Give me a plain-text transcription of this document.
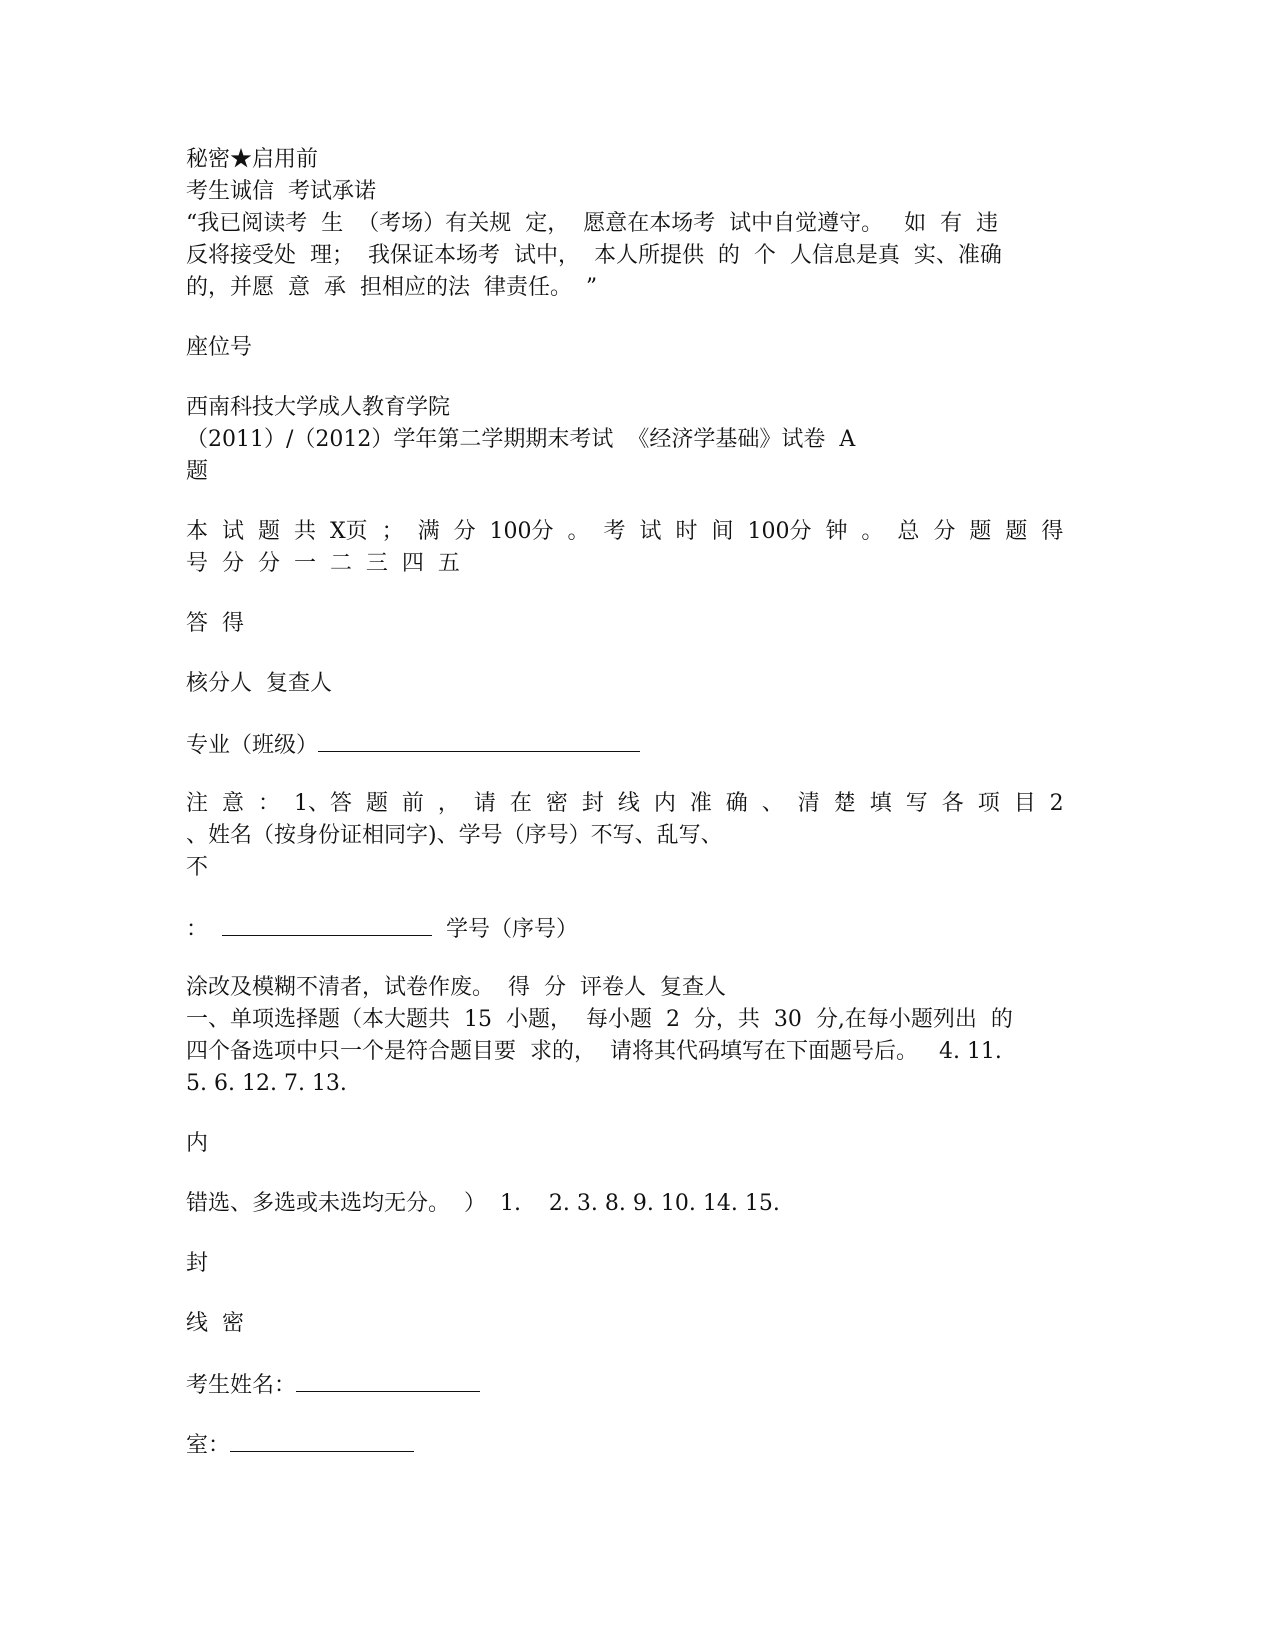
秘密★启用前

考生诚信  考试承诺

“我已阅读考  生  （考场）有关规  定，  愿意在本场考  试中自觉遵守。   如  有  违

反将接受处  理；  我保证本场考  试中，  本人所提供  的  个  人信息是真  实、准确

的，并愿  意  承  担相应的法  律责任。  ”

座位号

西南科技大学成人教育学院

（2011）/（2012）学年第二学期期末考试  《经济学基础》试卷  A

题

本  试  题  共  X页  ；  满  分  100分  。  考  试  时  间  100分  钟  。  总  分  题  题  得

号  分  分  一  二  三  四  五

答  得

核分人  复查人

专业（班级）

注  意  ：  1、答  题  前  ，  请  在  密  封  线  内  准  确  、  清  楚  填  写  各  项  目  2

、姓名（按身份证相同字)、学号（序号）不写、乱写、

不

：	学号（序号）

涂改及模糊不清者，试卷作废。  得  分  评卷人  复查人

一、单项选择题（本大题共  15  小题，  每小题  2  分，共  30  分,在每小题列出  的

四个备选项中只一个是符合题目要  求的，  请将其代码填写在下面题号后。   4. 11.

5. 6. 12. 7. 13.

内

错选、多选或未选均无分。  ）  1.    2. 3. 8. 9. 10. 14. 15.

封

线  密

考生姓名：

室：
